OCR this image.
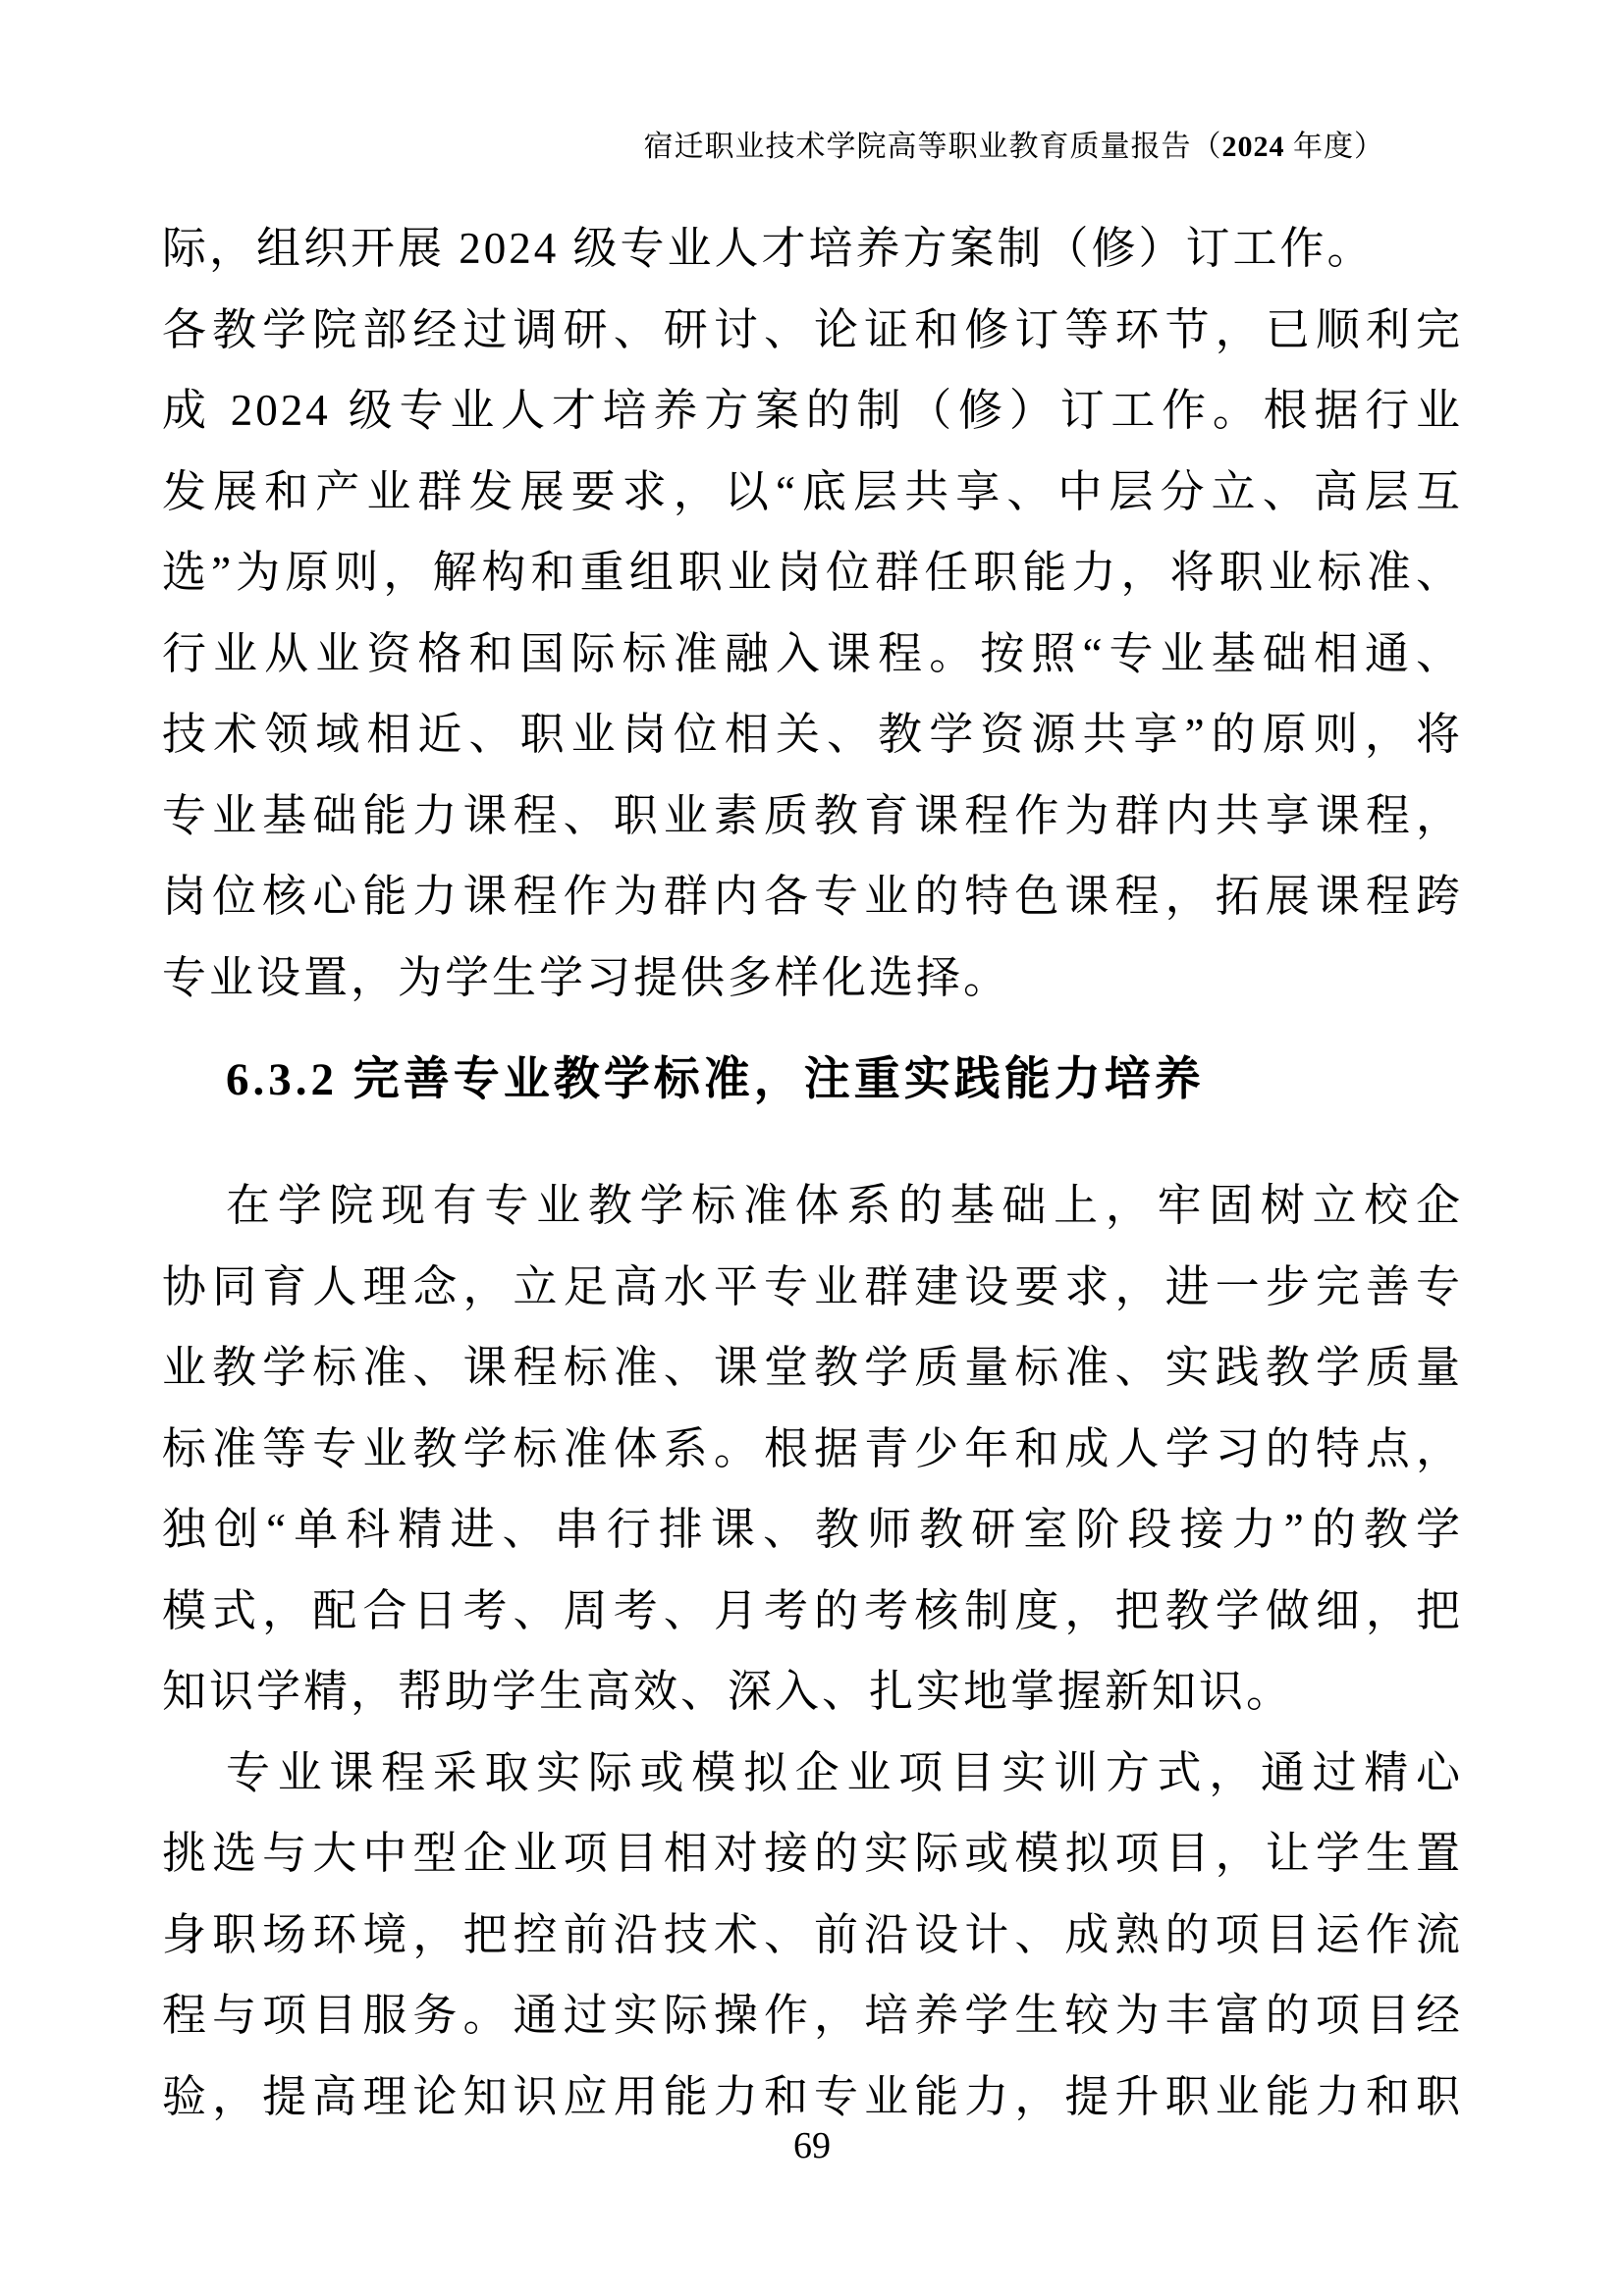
宿迁职业技术学院高等职业教育质量报告（2024 年度）
际，组织开展 2024 级专业人才培养方案制（修）订工作。
各教学院部经过调研、研讨、论证和修订等环节，已顺利完
成 2024 级专业人才培养方案的制（修）订工作。根据行业
发展和产业群发展要求，以“底层共享、中层分立、高层互
选”为原则，解构和重组职业岗位群任职能力，将职业标准、
行业从业资格和国际标准融入课程。按照“专业基础相通、
技术领域相近、职业岗位相关、教学资源共享”的原则，将
专业基础能力课程、职业素质教育课程作为群内共享课程，
岗位核心能力课程作为群内各专业的特色课程，拓展课程跨
专业设置，为学生学习提供多样化选择。
6.3.2 完善专业教学标准，注重实践能力培养
在学院现有专业教学标准体系的基础上，牢固树立校企
协同育人理念，立足高水平专业群建设要求，进一步完善专
业教学标准、课程标准、课堂教学质量标准、实践教学质量
标准等专业教学标准体系。根据青少年和成人学习的特点，
独创“单科精进、串行排课、教师教研室阶段接力”的教学
模式，配合日考、周考、月考的考核制度，把教学做细，把
知识学精，帮助学生高效、深入、扎实地掌握新知识。
专业课程采取实际或模拟企业项目实训方式，通过精心
挑选与大中型企业项目相对接的实际或模拟项目，让学生置
身职场环境，把控前沿技术、前沿设计、成熟的项目运作流
程与项目服务。通过实际操作，培养学生较为丰富的项目经
验，提高理论知识应用能力和专业能力，提升职业能力和职
69
